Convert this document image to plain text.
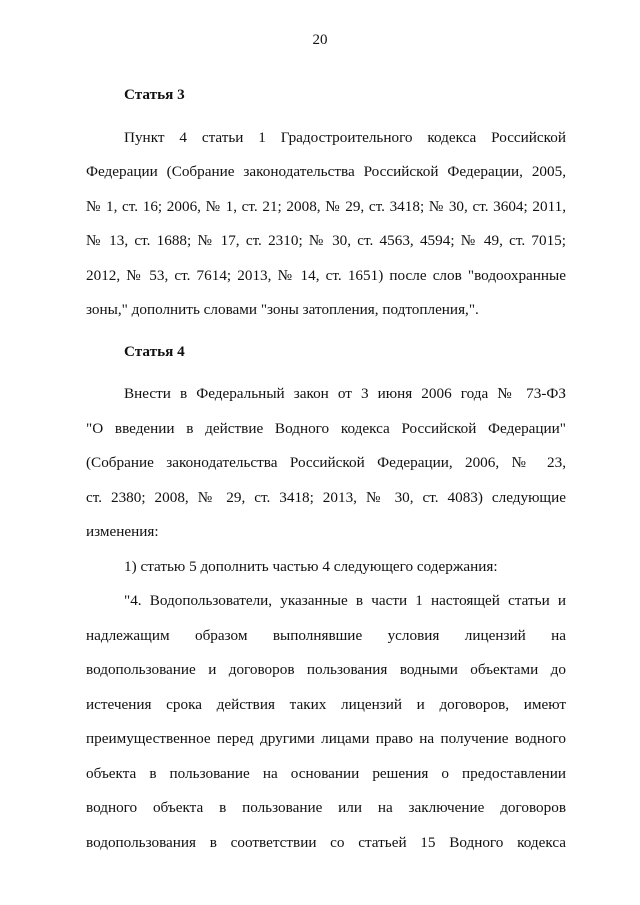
20

Статья 3

Пункт 4 статьи 1 Градостроительного кодекса Российской
Федерации (Собрание законодательства Российской Федерации, 2005,
№ 1, ст. 16; 2006, № 1, ст. 21; 2008, № 29, ст. 3418; № 30, ст. 3604; 2011,
№ 13, ст. 1688; № 17, ст. 2310; № 30, ст. 4563, 4594; № 49, ст. 7015;
2012, № 53, ст. 7614; 2013, № 14, ст. 1651) после слов "водоохранные
зоны," дополнить словами "зоны затопления, подтопления,".

Статья 4

Внести в Федеральный закон от 3 июня 2006 года № 73-ФЗ
"О введении в действие Водного кодекса Российской Федерации"
(Собрание законодательства Российской Федерации, 2006, № 23,
ст. 2380; 2008, № 29, ст. 3418; 2013, № 30, ст. 4083) следующие изменения:
1) статью 5 дополнить частью 4 следующего содержания:
"4. Водопользователи, указанные в части 1 настоящей статьи и
надлежащим образом выполнявшие условия лицензий на
водопользование и договоров пользования водными объектами до
истечения срока действия таких лицензий и договоров, имеют
преимущественное перед другими лицами право на получение водного
объекта в пользование на основании решения о предоставлении
водного объекта в пользование или на заключение договоров
водопользования в соответствии со статьей 15 Водного кодекса
